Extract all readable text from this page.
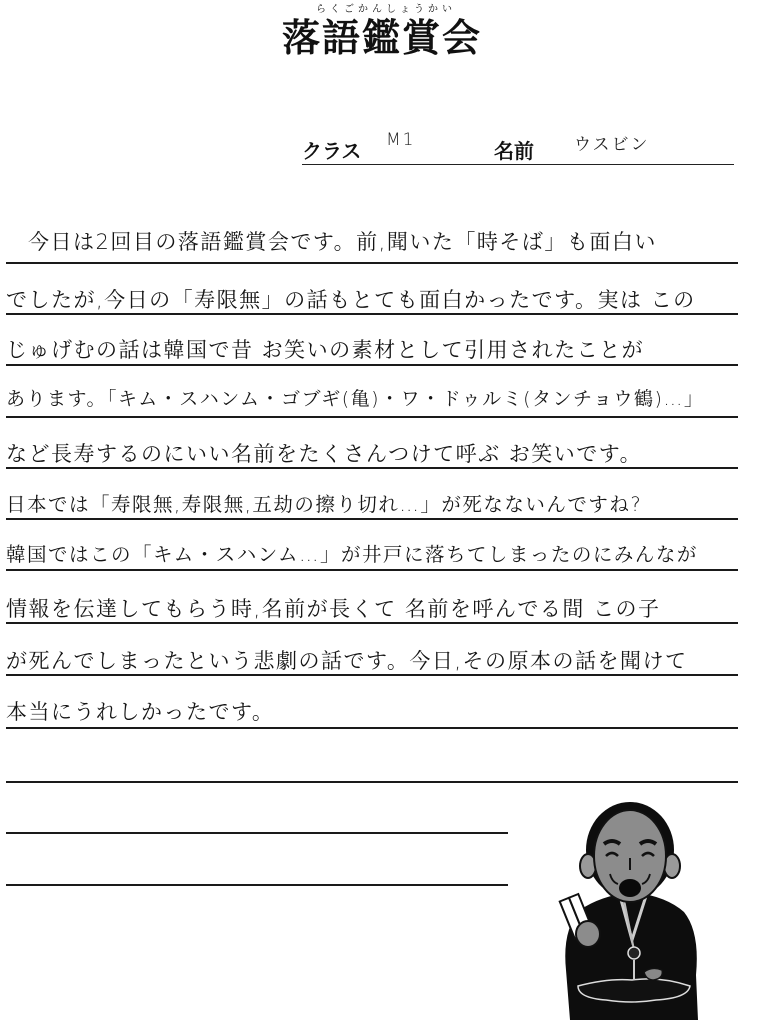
らくごかんしょうかい
落語鑑賞会
クラス M1	名前 ウスビン
今日は2回目の落語鑑賞会です。前,聞いた「時そば」も面白い
でしたが,今日の「寿限無」の話もとても面白かったです。実は この
じゅげむの話は韓国で昔 お笑いの素材として引用されたことが
あります。「キム・スハンム・ゴブギ(亀)・ワ・ドゥルミ(タンチョウ鶴)…」
など長寿するのにいい名前をたくさんつけて呼ぶ お笑いです。
日本では「寿限無,寿限無,五劫の擦り切れ…」が死なないんですね?
韓国ではこの「キム・スハンム…」が井戸に落ちてしまったのにみんなが
情報を伝達してもらう時,名前が長くて 名前を呼んでる間 この子
が死んでしまったという悲劇の話です。今日,その原本の話を聞けて
本当にうれしかったです。
